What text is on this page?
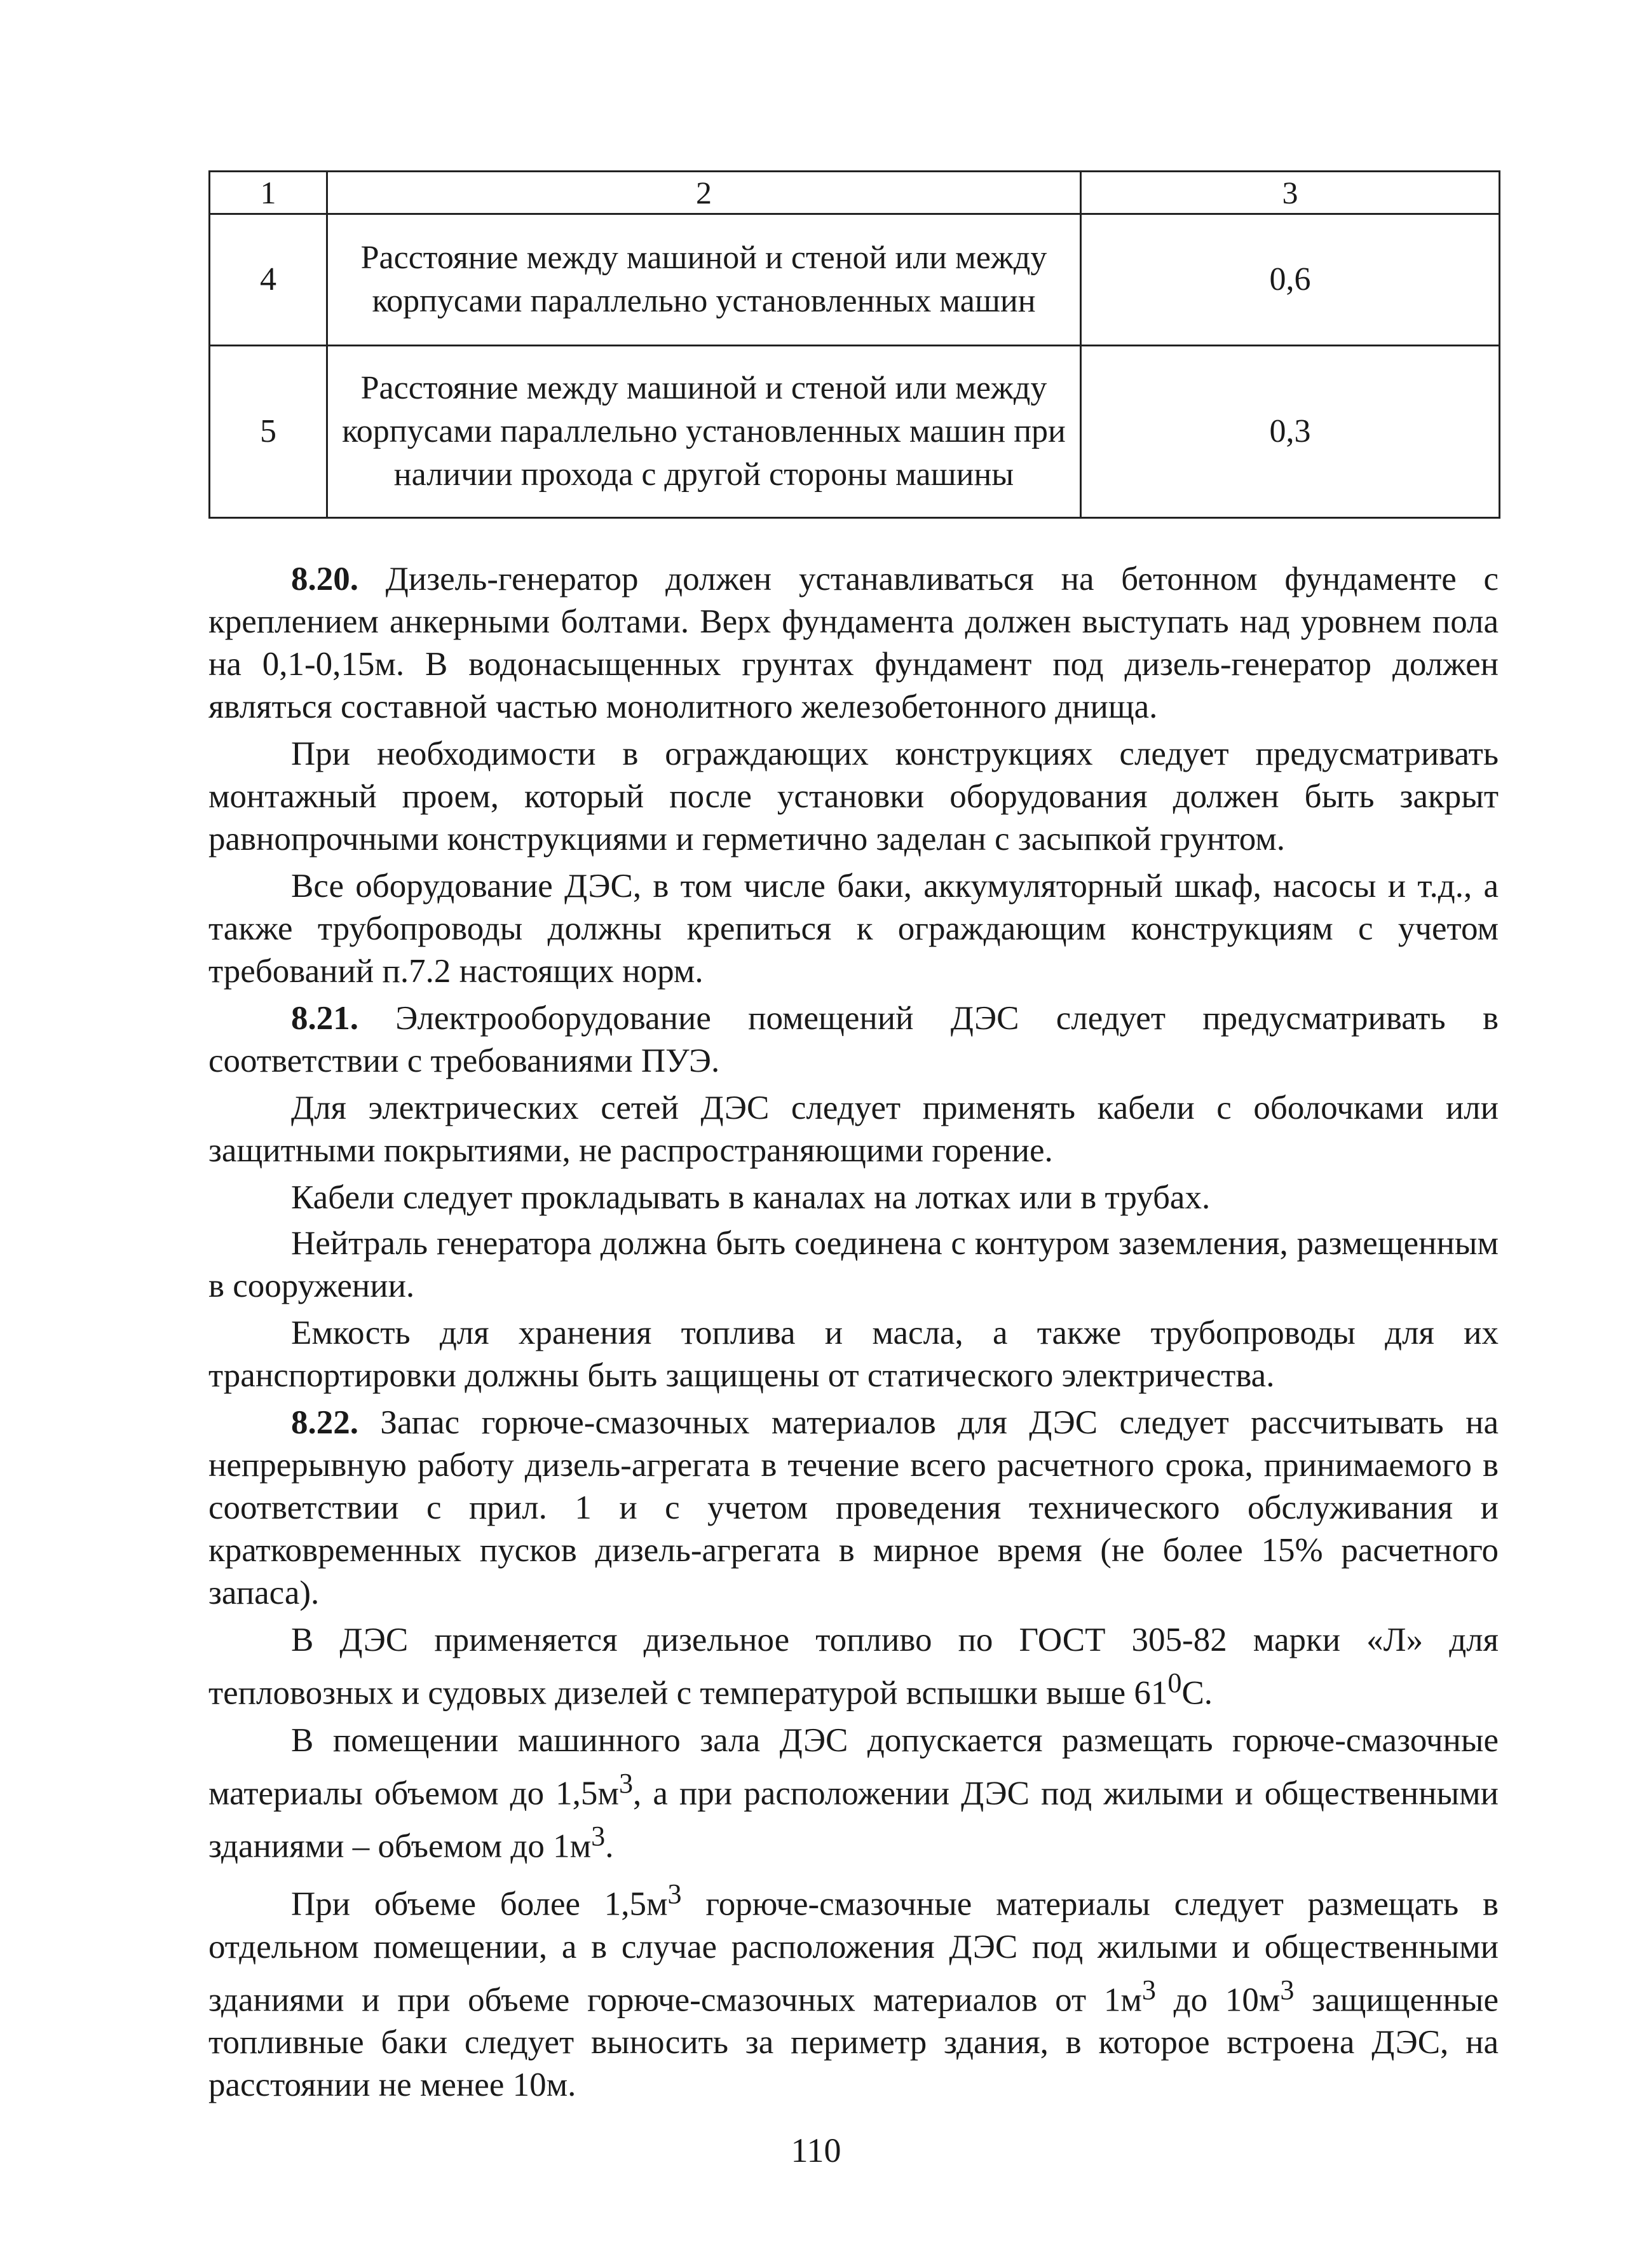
1	2	3
4	Расстояние между машиной и стеной или между корпусами параллельно установленных машин	0,6
5	Расстояние между машиной и стеной или между корпусами параллельно установленных машин при наличии прохода с другой стороны машины	0,3

8.20. Дизель-генератор должен устанавливаться на бетонном фундаменте с креплением анкерными болтами. Верх фундамента должен выступать над уровнем пола на 0,1-0,15м. В водонасыщенных грунтах фундамент под дизель-генератор должен являться составной частью монолитного железобетонного днища.

При необходимости в ограждающих конструкциях следует предусматривать монтажный проем, который после установки оборудования должен быть закрыт равнопрочными конструкциями и герметично заделан с засыпкой грунтом.

Все оборудование ДЭС, в том числе баки, аккумуляторный шкаф, насосы и т.д., а также трубопроводы должны крепиться к ограждающим конструкциям с учетом требований п.7.2 настоящих норм.

8.21. Электрооборудование помещений ДЭС следует предусматривать в соответствии с требованиями ПУЭ.

Для электрических сетей ДЭС следует применять кабели с оболочками или защитными покрытиями, не распространяющими горение.

Кабели следует прокладывать в каналах на лотках или в трубах.

Нейтраль генератора должна быть соединена с контуром заземления, размещенным в сооружении.

Емкость для хранения топлива и масла, а также трубопроводы для их транспортировки должны быть защищены от статического электричества.

8.22. Запас горюче-смазочных материалов для ДЭС следует рассчитывать на непрерывную работу дизель-агрегата в течение всего расчетного срока, принимаемого в соответствии с прил. 1 и с учетом проведения технического обслуживания и кратковременных пусков дизель-агрегата в мирное время (не более 15% расчетного запаса).

В ДЭС применяется дизельное топливо по ГОСТ 305-82 марки «Л» для тепловозных и судовых дизелей с температурой вспышки выше $61^0С$.

В помещении машинного зала ДЭС допускается размещать горюче-смазочные материалы объемом до $1,5м^3$, а при расположении ДЭС под жилыми и общественными зданиями – объемом до $1м^3$.

При объеме более $1,5м^3$ горюче-смазочные материалы следует размещать в отдельном помещении, а в случае расположения ДЭС под жилыми и общественными зданиями и при объеме горюче-смазочных материалов от $1м^3$ до $10м^3$ защищенные топливные баки следует выносить за периметр здания, в которое встроена ДЭС, на расстоянии не менее 10м.

110
